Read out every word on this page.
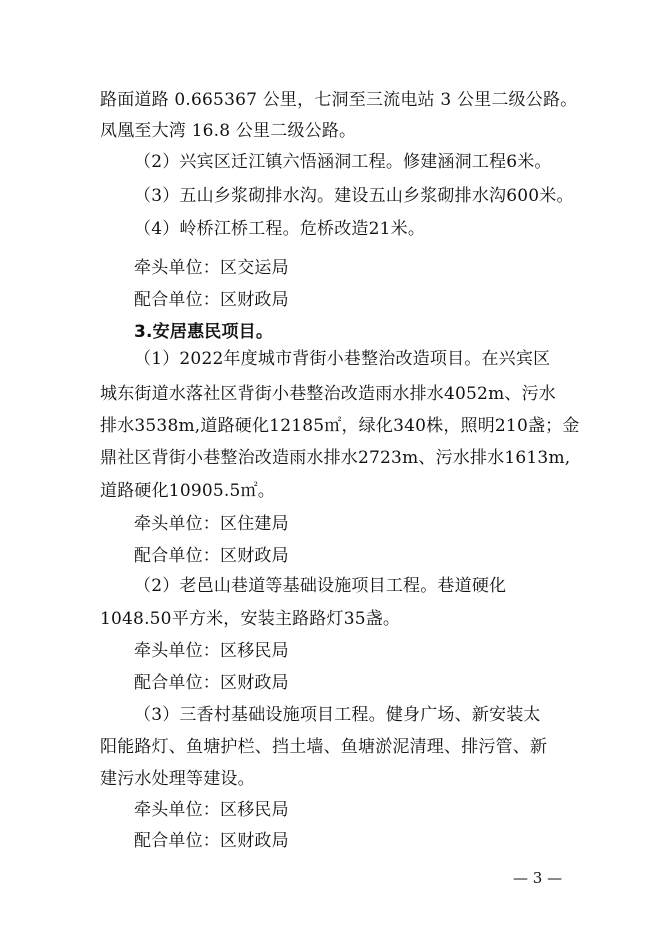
路面道路 0.665367 公里，七洞至三流电站 3 公里二级公路。
凤凰至大湾 16.8 公里二级公路。
（2）兴宾区迁江镇六悟涵洞工程。修建涵洞工程6米。
（3）五山乡浆砌排水沟。建设五山乡浆砌排水沟600米。
（4）岭桥江桥工程。危桥改造21米。
牵头单位：区交运局
配合单位：区财政局
3.安居惠民项目。
（1）2022年度城市背街小巷整治改造项目。在兴宾区
城东街道水落社区背街小巷整治改造雨水排水4052m、污水
排水3538m,道路硬化12185㎡，绿化340株，照明210盏；金
鼎社区背街小巷整治改造雨水排水2723m、污水排水1613m,
道路硬化10905.5㎡。
牵头单位：区住建局
配合单位：区财政局
（2）老邑山巷道等基础设施项目工程。巷道硬化
1048.50平方米，安装主路路灯35盏。
牵头单位：区移民局
配合单位：区财政局
（3）三香村基础设施项目工程。健身广场、新安装太
阳能路灯、鱼塘护栏、挡土墙、鱼塘淤泥清理、排污管、新
建污水处理等建设。
牵头单位：区移民局
配合单位：区财政局
— 3 —
